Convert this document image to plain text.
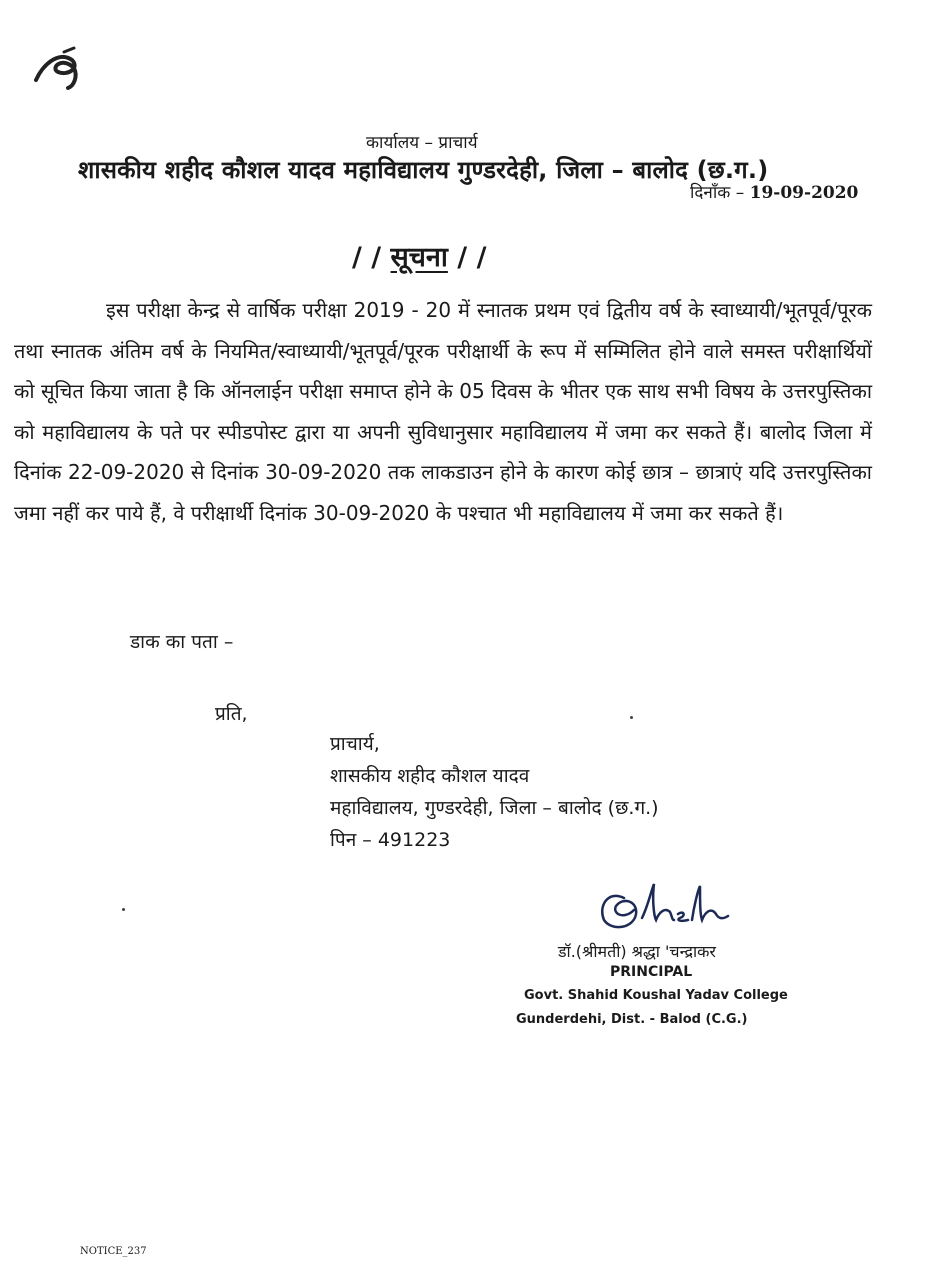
कार्यालय – प्राचार्य
शासकीय शहीद कौशल यादव महाविद्यालय गुण्डरदेही, जिला – बालोद (छ.ग.)
दिनाँक – 19-09-2020
/ / सूचना / /
इस परीक्षा केन्द्र से वार्षिक परीक्षा 2019 - 20 में स्नातक प्रथम एवं द्वितीय वर्ष के स्वाध्यायी/भूतपूर्व/पूरक तथा स्नातक अंतिम वर्ष के नियमित/स्वाध्यायी/भूतपूर्व/पूरक परीक्षार्थी के रूप में सम्मिलित होने वाले समस्त परीक्षार्थियों को सूचित किया जाता है कि ऑनलाईन परीक्षा समाप्त होने के 05 दिवस के भीतर एक साथ सभी विषय के उत्तरपुस्तिका को महाविद्यालय के पते पर स्पीडपोस्ट द्वारा या अपनी सुविधानुसार महाविद्यालय में जमा कर सकते हैं। बालोद जिला में दिनांक 22-09-2020 से दिनांक 30-09-2020 तक लाकडाउन होने के कारण कोई छात्र – छात्राएं यदि उत्तरपुस्तिका जमा नहीं कर पाये हैं, वे परीक्षार्थी दिनांक 30-09-2020 के पश्चात भी महाविद्यालय में जमा कर सकते हैं।
डाक का पता –
प्रति,
प्राचार्य,
शासकीय शहीद कौशल यादव
महाविद्यालय, गुण्डरदेही, जिला – बालोद (छ.ग.)
पिन – 491223
डॉ.(श्रीमती) श्रद्धा 'चन्द्राकर
PRINCIPAL
Govt. Shahid Koushal Yadav College
Gunderdehi, Dist. - Balod (C.G.)
NOTICE_237
